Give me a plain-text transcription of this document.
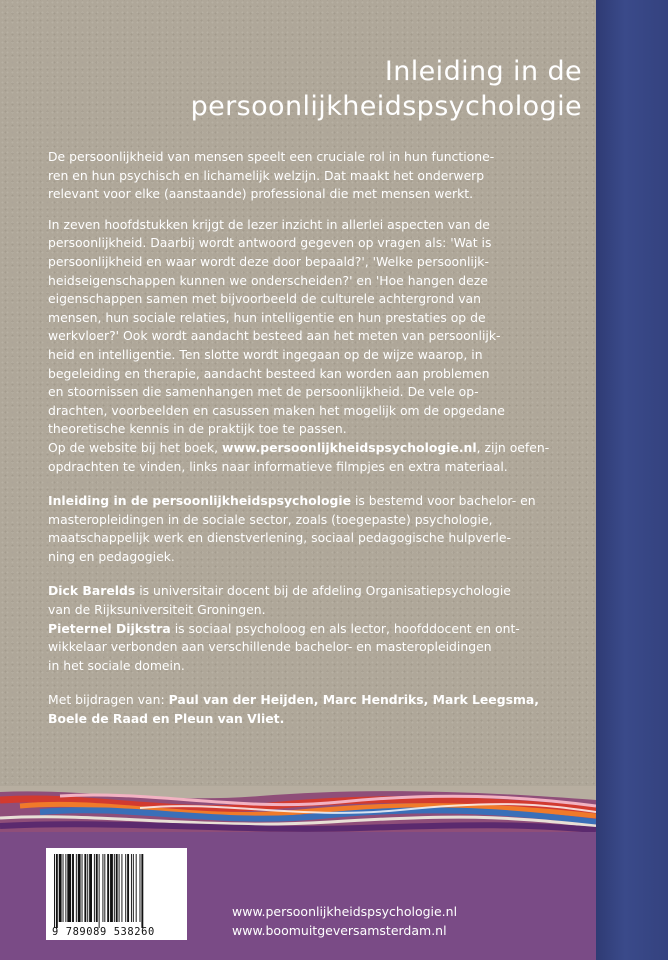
Inleiding in de
persoonlijkheidspsychologie

De persoonlijkheid van mensen speelt een cruciale rol in hun functione-
ren en hun psychisch en lichamelijk welzijn. Dat maakt het onderwerp
relevant voor elke (aanstaande) professional die met mensen werkt.

In zeven hoofdstukken krijgt de lezer inzicht in allerlei aspecten van de
persoonlijkheid. Daarbij wordt antwoord gegeven op vragen als: 'Wat is
persoonlijkheid en waar wordt deze door bepaald?', 'Welke persoonlijk-
heidseigenschappen kunnen we onderscheiden?' en 'Hoe hangen deze
eigenschappen samen met bijvoorbeeld de culturele achtergrond van
mensen, hun sociale relaties, hun intelligentie en hun prestaties op de
werkvloer?' Ook wordt aandacht besteed aan het meten van persoonlijk-
heid en intelligentie. Ten slotte wordt ingegaan op de wijze waarop, in
begeleiding en therapie, aandacht besteed kan worden aan problemen
en stoornissen die samenhangen met de persoonlijkheid. De vele op-
drachten, voorbeelden en casussen maken het mogelijk om de opgedane
theoretische kennis in de praktijk toe te passen.
Op de website bij het boek, www.persoonlijkheidspsychologie.nl, zijn oefen-
opdrachten te vinden, links naar informatieve filmpjes en extra materiaal.

Inleiding in de persoonlijkheidspsychologie is bestemd voor bachelor- en
masteropleidingen in de sociale sector, zoals (toegepaste) psychologie,
maatschappelijk werk en dienstverlening, sociaal pedagogische hulpverle-
ning en pedagogiek.

Dick Barelds is universitair docent bij de afdeling Organisatiepsychologie
van de Rijksuniversiteit Groningen.
Pieternel Dijkstra is sociaal psycholoog en als lector, hoofddocent en ont-
wikkelaar verbonden aan verschillende bachelor- en masteropleidingen
in het sociale domein.

Met bijdragen van: Paul van der Heijden, Marc Hendriks, Mark Leegsma,
Boele de Raad en Pleun van Vliet.

9 789089 538260
www.persoonlijkheidspsychologie.nl
www.boomuitgeversamsterdam.nl
